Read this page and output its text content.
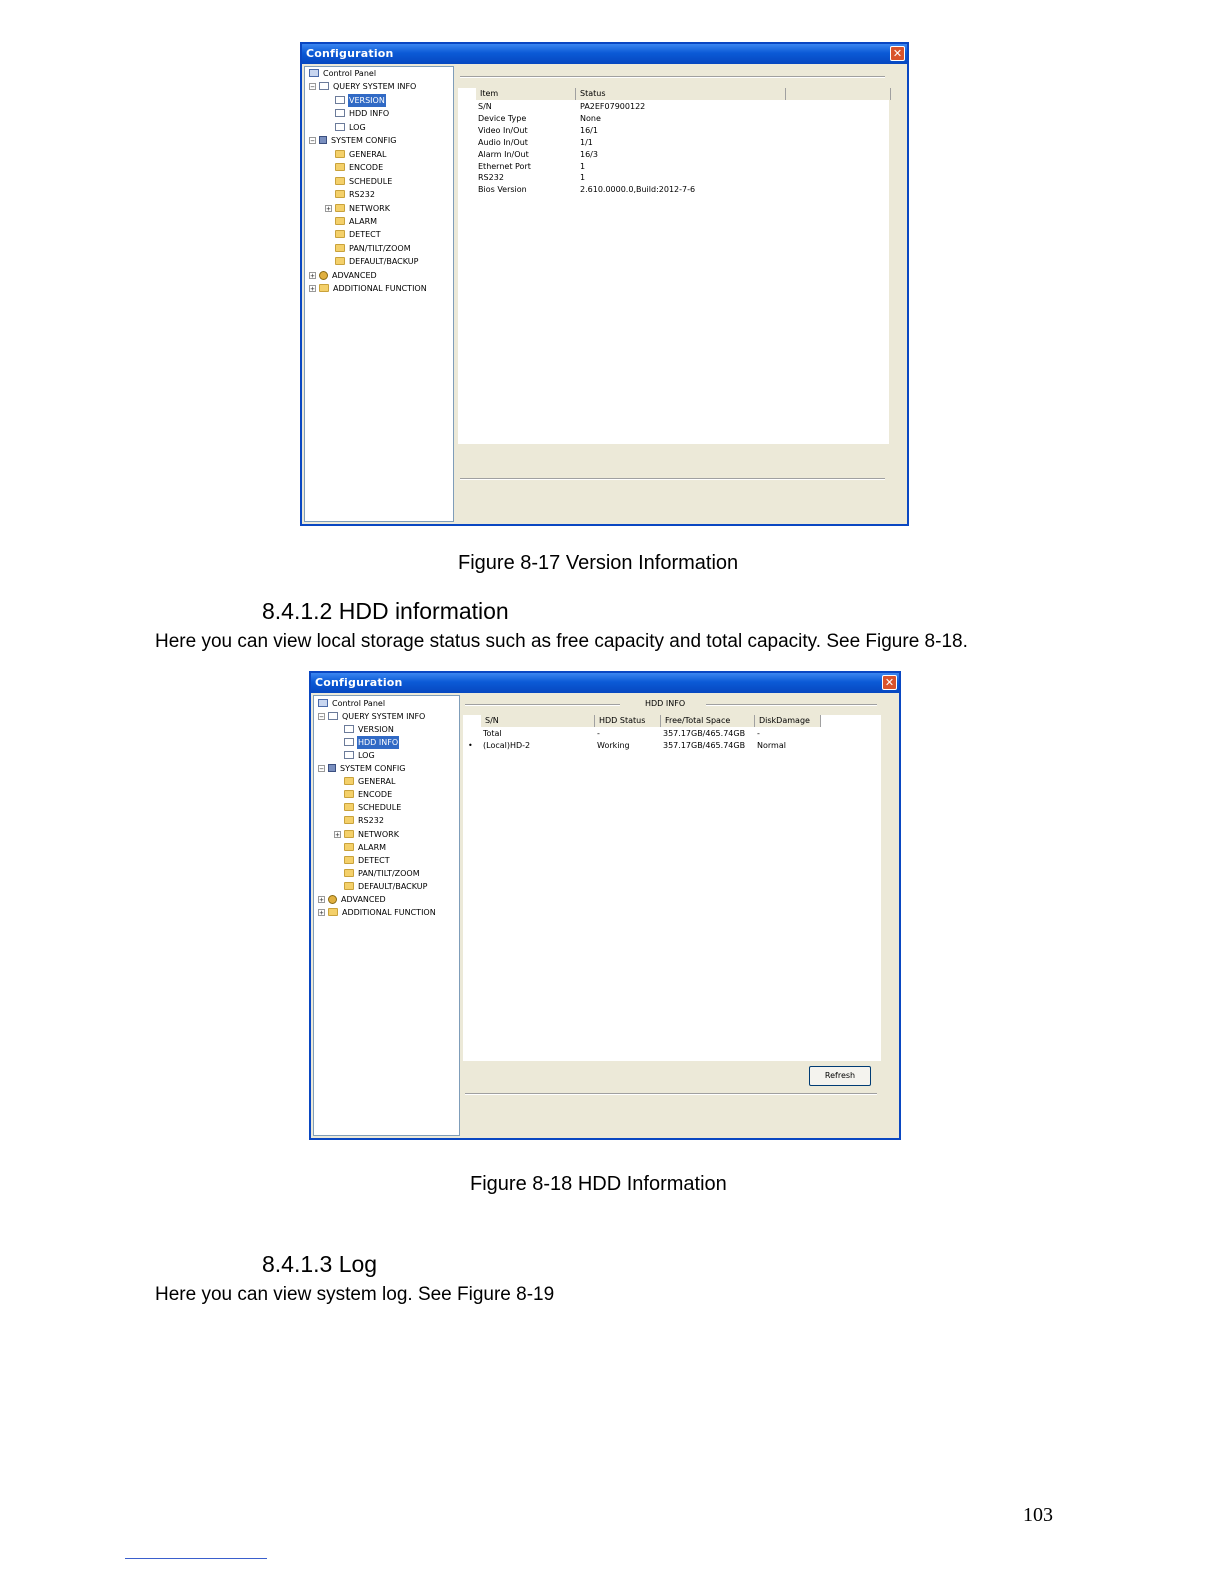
Configuration	✕
Control Panel
− QUERY SYSTEM INFO
VERSION
HDD INFO
LOG
− SYSTEM CONFIG
GENERAL
ENCODE
SCHEDULE
RS232
+ NETWORK
ALARM
DETECT
PAN/TILT/ZOOM
DEFAULT/BACKUP
+ ADVANCED
+ ADDITIONAL FUNCTION
Item	Status
S/N	PA2EF07900122
Device Type	None
Video In/Out	16/1
Audio In/Out	1/1
Alarm In/Out	16/3
Ethernet Port	1
RS232	1
Bios Version	2.610.0000.0,Build:2012-7-6
Figure 8-17 Version Information
8.4.1.2 HDD information
Here you can view local storage status such as free capacity and total capacity. See Figure 8-18.
Configuration	✕
Control Panel
− QUERY SYSTEM INFO
VERSION
HDD INFO
LOG
− SYSTEM CONFIG
GENERAL
ENCODE
SCHEDULE
RS232
+ NETWORK
ALARM
DETECT
PAN/TILT/ZOOM
DEFAULT/BACKUP
+ ADVANCED
+ ADDITIONAL FUNCTION
HDD INFO
S/N	HDD Status	Free/Total Space	DiskDamage
Total	-	357.17GB/465.74GB -
• (Local)HD-2	Working	357.17GB/465.74GB Normal
Refresh
Figure 8-18 HDD Information
8.4.1.3 Log
Here you can view system log. See Figure 8-19
103
